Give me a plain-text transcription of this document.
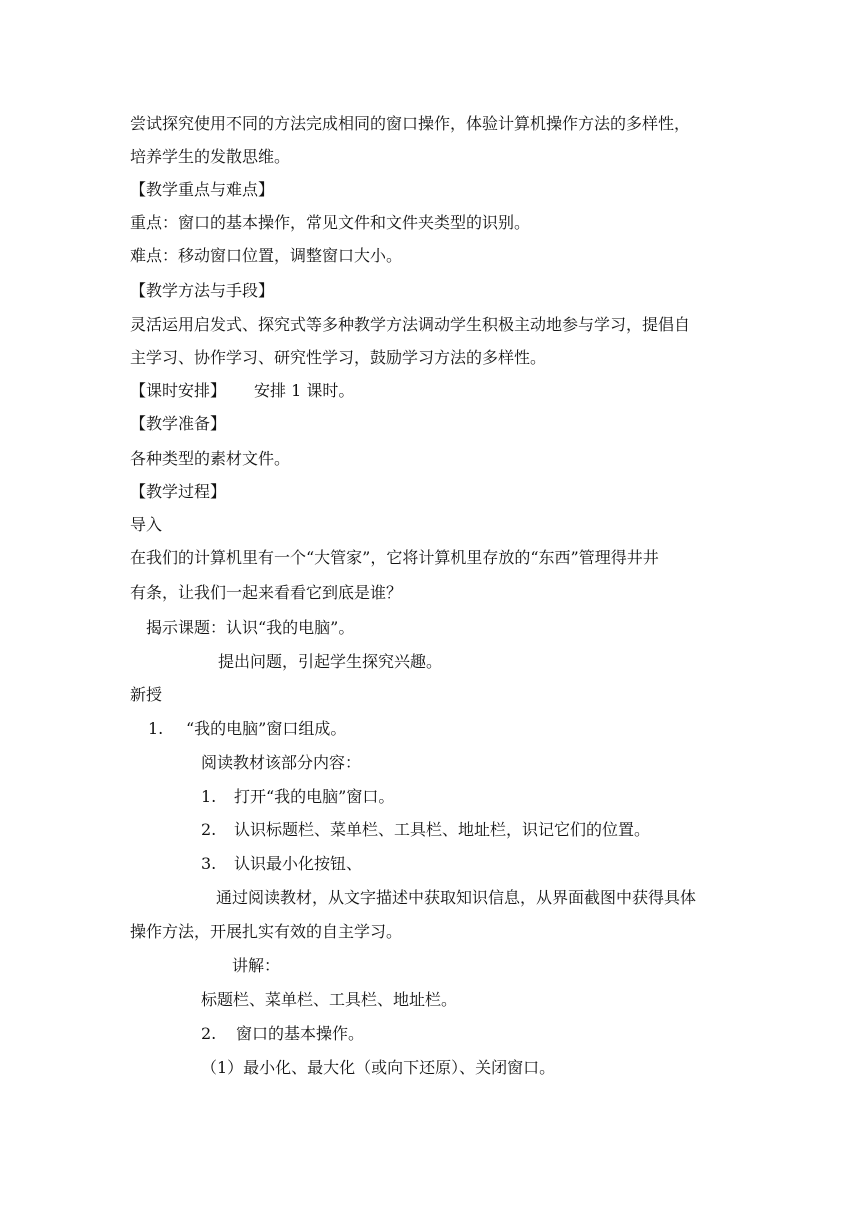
尝试探究使用不同的方法完成相同的窗口操作，体验计算机操作方法的多样性，
培养学生的发散思维。
【教学重点与难点】
重点：窗口的基本操作，常见文件和文件夹类型的识别。
难点：移动窗口位置，调整窗口大小。
【教学方法与手段】
灵活运用启发式、探究式等多种教学方法调动学生积极主动地参与学习，提倡自
主学习、协作学习、研究性学习，鼓励学习方法的多样性。
【课时安排】 安排 1 课时。
【教学准备】
各种类型的素材文件。
【教学过程】
导入
在我们的计算机里有一个“大管家”，它将计算机里存放的“东西”管理得井井
有条，让我们一起来看看它到底是谁？
揭示课题：认识“我的电脑”。
提出问题，引起学生探究兴趣。
新授
1. “我的电脑”窗口组成。
阅读教材该部分内容：
1. 打开“我的电脑”窗口。
2. 认识标题栏、菜单栏、工具栏、地址栏，识记它们的位置。
3. 认识最小化按钮、
通过阅读教材，从文字描述中获取知识信息，从界面截图中获得具体
操作方法，开展扎实有效的自主学习。
讲解：
标题栏、菜单栏、工具栏、地址栏。
2. 窗口的基本操作。
（1）最小化、最大化（或向下还原）、关闭窗口。
